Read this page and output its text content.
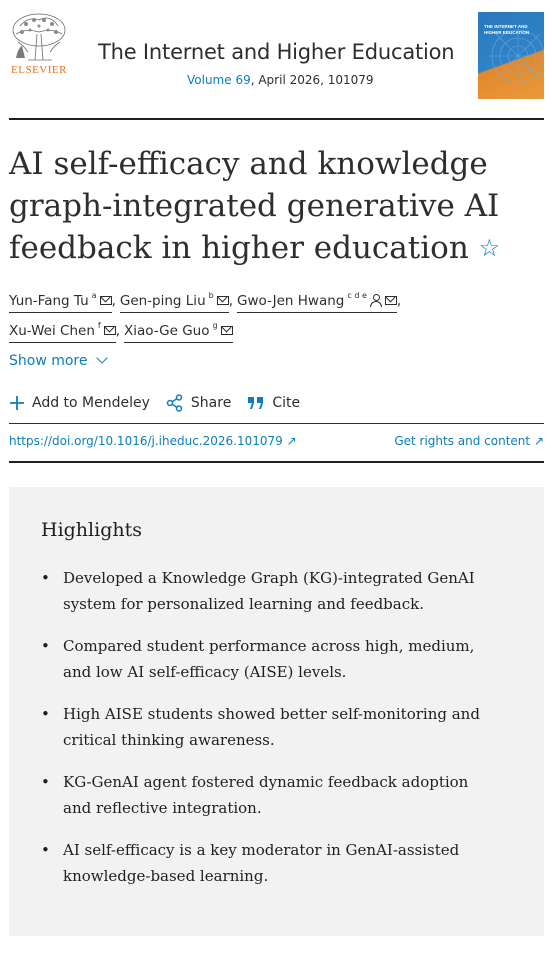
ELSEVIER
The Internet and Higher Education
Volume 69, April 2026, 101079
THE INTERNET AND HIGHER EDUCATION
AI self-efficacy and knowledge graph-integrated generative AI feedback in higher education ☆
Yun-Fang Tu $^a$ , Gen-ping Liu $^b$ , Gwo-Jen Hwang $^{c d e}$ ,
Xu-Wei Chen $^f$ , Xiao-Ge Guo $^g$
Show more
Add to Mendeley	Share	Cite
https://doi.org/10.1016/j.iheduc.2026.101079 ↗	Get rights and content ↗
Highlights
• Developed a Knowledge Graph (KG)-integrated GenAI system for personalized learning and feedback.
• Compared student performance across high, medium, and low AI self-efficacy (AISE) levels.
• High AISE students showed better self-monitoring and critical thinking awareness.
• KG-GenAI agent fostered dynamic feedback adoption and reflective integration.
• AI self-efficacy is a key moderator in GenAI-assisted knowledge-based learning.
